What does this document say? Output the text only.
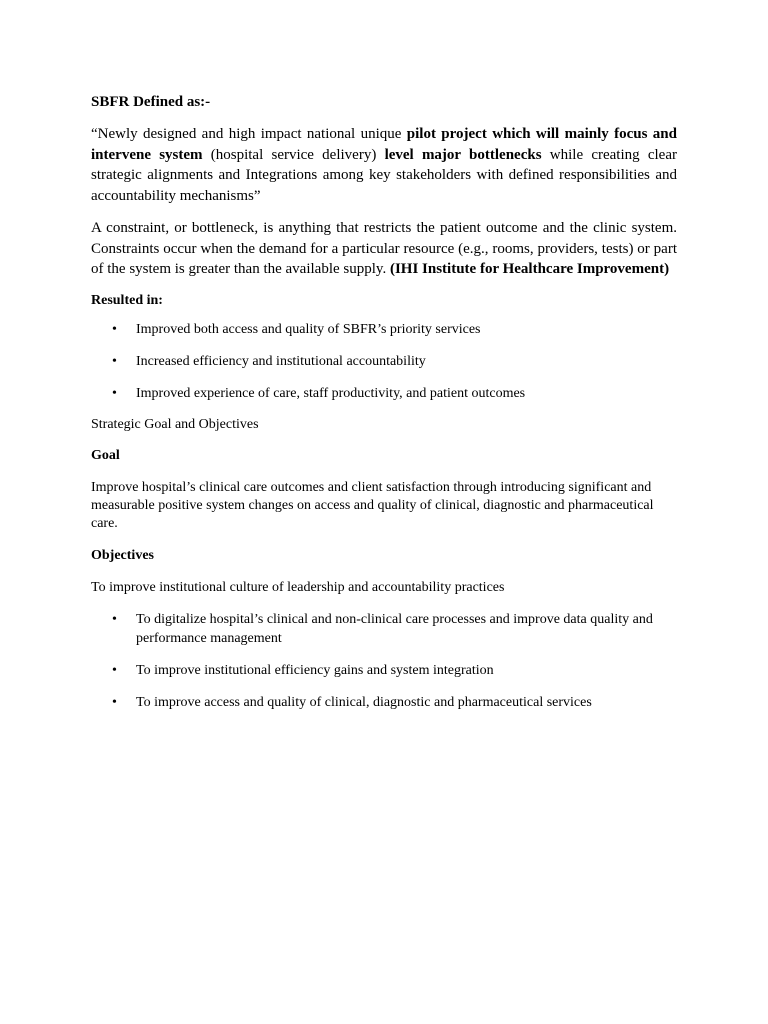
SBFR Defined as:-

“Newly designed and high impact national unique pilot project which will mainly focus and intervene system (hospital service delivery) level major bottlenecks while creating clear strategic alignments and Integrations among key stakeholders with defined responsibilities and accountability mechanisms”

A constraint, or bottleneck, is anything that restricts the patient outcome and the clinic system. Constraints occur when the demand for a particular resource (e.g., rooms, providers, tests) or part of the system is greater than the available supply. (IHI Institute for Healthcare Improvement)

Resulted in:
• Improved both access and quality of SBFR’s priority services
• Increased efficiency and institutional accountability
• Improved experience of care, staff productivity, and patient outcomes
Strategic Goal and Objectives
Goal
Improve hospital’s clinical care outcomes and client satisfaction through introducing significant and measurable positive system changes on access and quality of clinical, diagnostic and pharmaceutical care.
Objectives
To improve institutional culture of leadership and accountability practices
• To digitalize hospital’s clinical and non-clinical care processes and improve data quality and performance management
• To improve institutional efficiency gains and system integration
• To improve access and quality of clinical, diagnostic and pharmaceutical services
